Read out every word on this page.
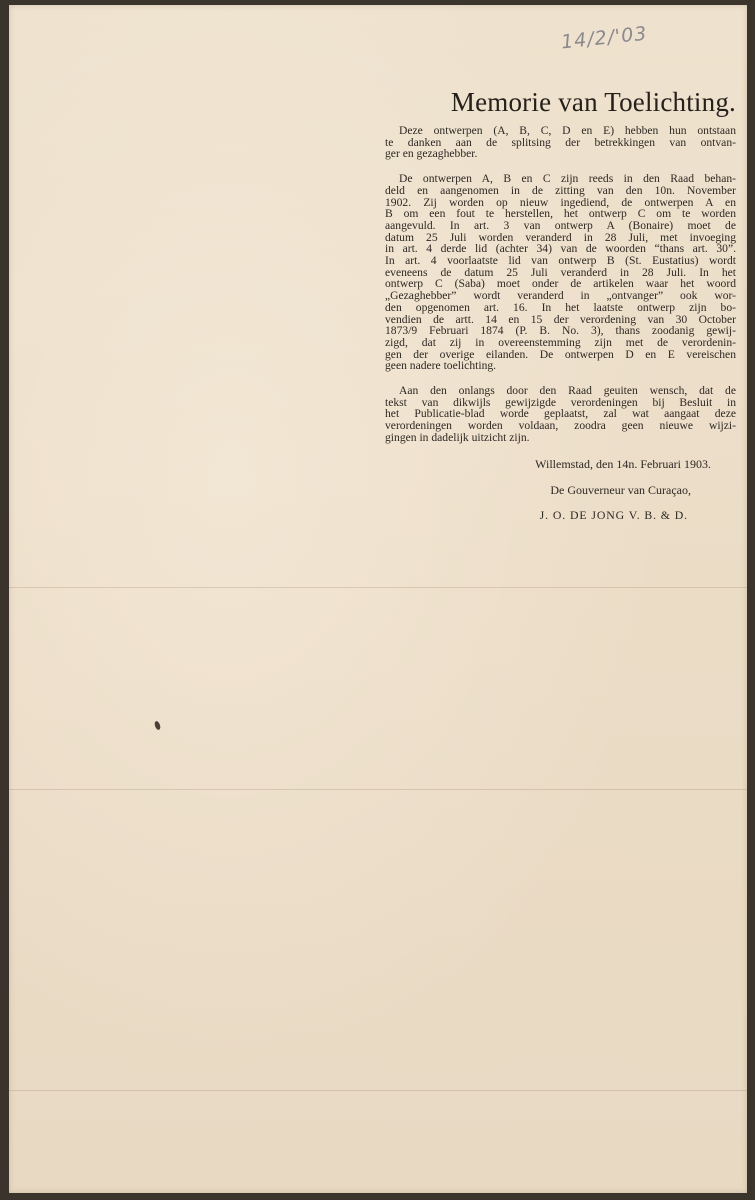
14/2/'03
Memorie van Toelichting.
Deze ontwerpen (A, B, C, D en E) hebben hun ontstaan
te danken aan de splitsing der betrekkingen van ontvan-
ger en gezaghebber.
De ontwerpen A, B en C zijn reeds in den Raad behan-
deld en aangenomen in de zitting van den 10n. November
1902. Zij worden op nieuw ingediend, de ontwerpen A en
B om een fout te herstellen, het ontwerp C om te worden
aangevuld. In art. 3 van ontwerp A (Bonaire) moet de
datum 25 Juli worden veranderd in 28 Juli, met invoeging
in art. 4 derde lid (achter 34) van de woorden “thans art. 30”.
In art. 4 voorlaatste lid van ontwerp B (St. Eustatius) wordt
eveneens de datum 25 Juli veranderd in 28 Juli. In het
ontwerp C (Saba) moet onder de artikelen waar het woord
„Gezaghebber” wordt veranderd in „ontvanger” ook wor-
den opgenomen art. 16. In het laatste ontwerp zijn bo-
vendien de artt. 14 en 15 der verordening van 30 October
1873/9 Februari 1874 (P. B. No. 3), thans zoodanig gewij-
zigd, dat zij in overeenstemming zijn met de verordenin-
gen der overige eilanden. De ontwerpen D en E vereischen
geen nadere toelichting.
Aan den onlangs door den Raad geuiten wensch, dat de
tekst van dikwijls gewijzigde verordeningen bij Besluit in
het Publicatie-blad worde geplaatst, zal wat aangaat deze
verordeningen worden voldaan, zoodra geen nieuwe wijzi-
gingen in dadelijk uitzicht zijn.
Willemstad, den 14n. Februari 1903.
De Gouverneur van Curaçao,
J. O. DE JONG V. B. & D.
